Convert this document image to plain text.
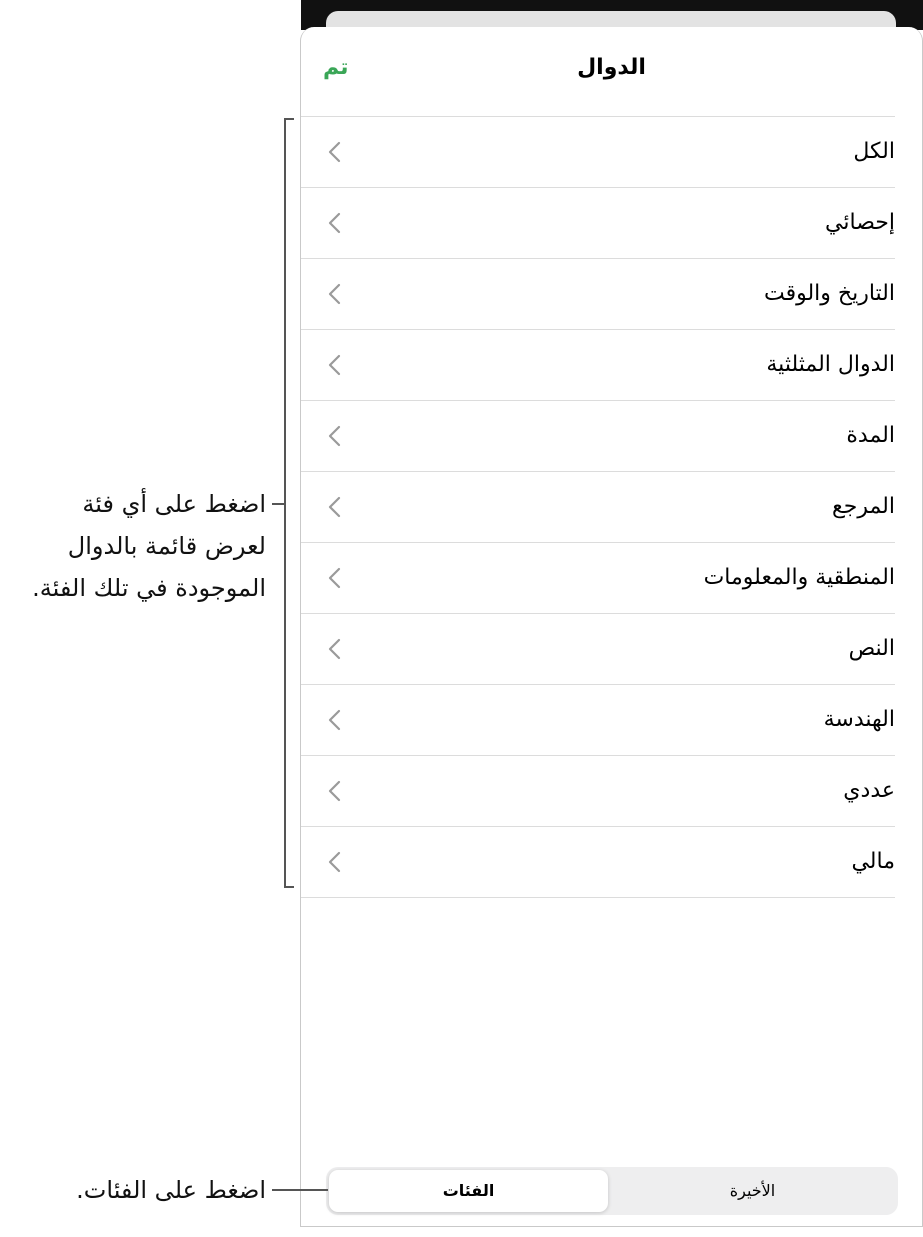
الدوال
تم
الكل
إحصائي
التاريخ والوقت
الدوال المثلثية
المدة
المرجع
المنطقية والمعلومات
النص
الهندسة
عددي
مالي
الفئات	الأخيرة
اضغط على أي فئة
لعرض قائمة بالدوال
الموجودة في تلك الفئة.
اضغط على الفئات.
